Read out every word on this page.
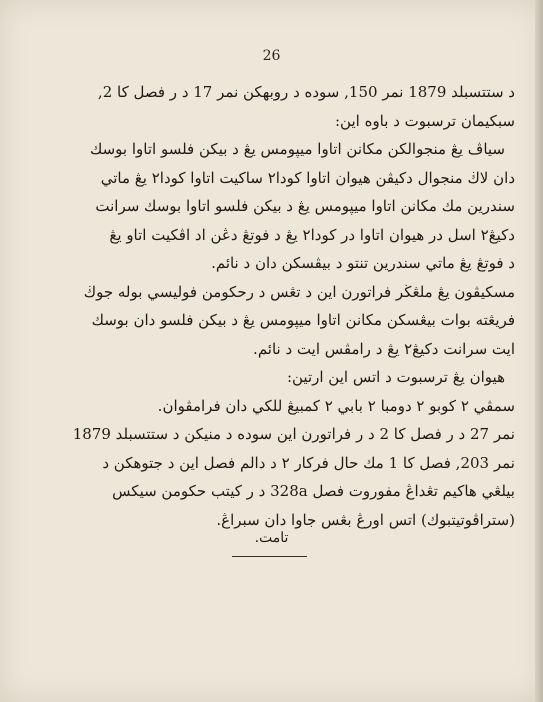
26
د ستتسبلد 1879 نمر 150, سوده د روبهكن نمر 17 د ر فصل كا 2,
سبكيمان ترسبوت د باوه اين:
سياڤ يڠ منجوالكن مكانن اتاوا ميڽومس يڠ د بيكن فلسو اتاوا بوسك
دان لاڬ منجوال دكيڤن هيوان اتاوا كودا٢ ساكيت اتاوا كودا٢ يڠ ماتي
سندرين مك مكانن اتاوا ميڽومس يڠ د بيكن فلسو اتاوا بوسك سرانت
دكيڠ٢ اسل در هيوان اتاوا در كودا٢ يڠ د فوتڠ دڠن اد اڤكيت اتاو يڠ
د فوتڠ يڠ ماتي سندرين تنتو د بيڤسكن دان د نائم.
مسكيڤون يڠ ملڠڬر فراتورن اين د تڠس د رحكومن فوليسي بوله جوڬ
فريڠته بوات بيڠسكن مكانن اتاوا ميڽومس يڠ د بيكن فلسو دان بوسك
ايت سرانت دكيڠ٢ يڠ د رامڤس ايت د نائم.
هيوان يڠ ترسبوت د اتس اين ارتين:
سمڤي ٢ كوبو ٢ دومبا ٢ بابي ٢ كمبيڠ للكي دان فرامڤوان.
نمر 27 د ر فصل كا 2 د ر فراتورن اين سوده د منيكن د ستتسبلد 1879
نمر 203, فصل كا 1 مك حال فركار ٢ د دالم فصل اين د جتوهكن د
بيلڠي هاكيم تڠداڠ مفوروت فصل 328a د ر كيتب حكومن سيكس
(ستراڤوتيتبوك) اتس اورڠ بڠس جاوا دان سبراڠ.
تامت.
